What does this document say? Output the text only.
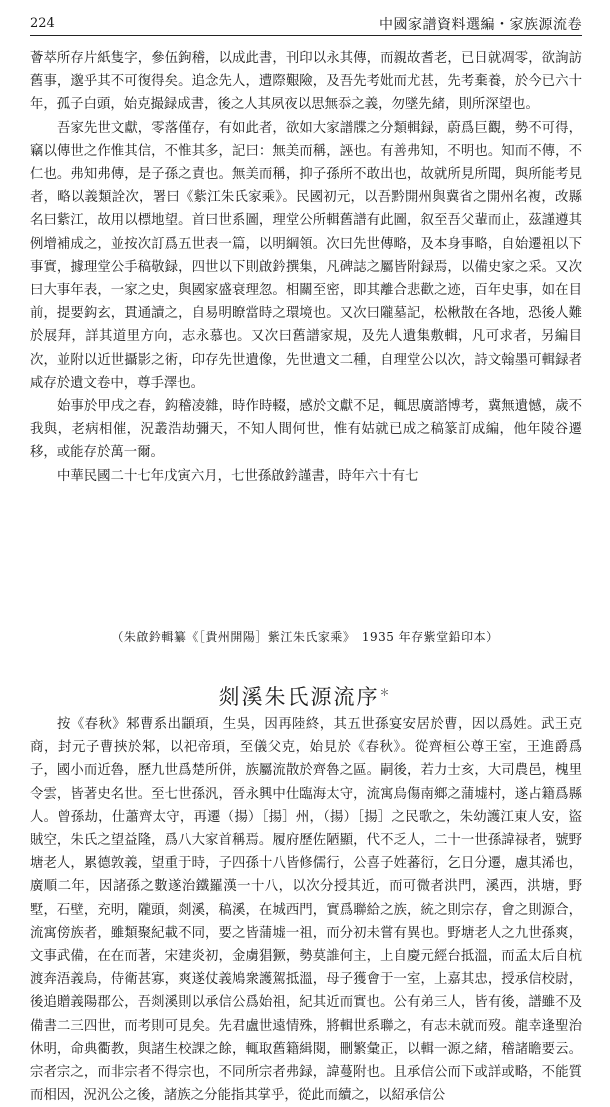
224	中國家譜資料選編・家族源流卷

薈萃所存片紙隻字，參伍鉤稽，以成此書，刊印以永其傳，而親故耆老，已日就凋零，欲詢訪舊事，邈乎其不可復得矣。追念先人，遭際艱險，及吾先考妣而尤甚，先考棄養，於今已六十年，孤子白頭，始克撮録成書，後之人其夙夜以思無忝之義，勿墜先緒，則所深望也。

吾家先世文獻，零落僅存，有如此者，欲如大家譜牒之分類輯録，蔚爲巨觀，勢不可得，竊以傳世之作惟其信，不惟其多，記曰：無美而稱，誣也。有善弗知，不明也。知而不傳，不仁也。弗知弗傳，是子孫之責也。無美而稱，抑子孫所不敢出也，故就所見所聞，與所能考見者，略以義類詮次，署曰《紫江朱氏家乘》。民國初元，以吾黔開州與冀省之開州名複，改縣名曰紫江，故用以標地望。首曰世系圖，理堂公所輯舊譜有此圖，叙至吾父輩而止，茲謹遵其例增補成之，並按次訂爲五世表一篇，以明綱領。次曰先世傳略，及本身事略，自始遷祖以下事實，據理堂公手稿敬録，四世以下則啟鈐撰集，凡碑誌之屬皆附録焉，以備史家之采。又次曰大事年表，一家之史，與國家盛衰理忽。相關至密，即其離合悲歡之迹，百年史事，如在目前，提要鈎玄，貫通讀之，自易明瞭當時之環境也。又次曰隴墓記，松楸散在各地，恐後人難於展拜，詳其道里方向，志永慕也。又次曰舊譜家規，及先人遺集敷輯，凡可求者，另編目次，並附以近世攝影之術，印存先世遺像，先世遺文二種，自理堂公以次，詩文翰墨可輯録者咸存於遺文卷中，尊手澤也。

始事於甲戌之春，鈎稽凌雜，時作時輟，感於文獻不足，輒思廣諮博考，冀無遺憾，歲不我與，老病相催，況叢浩劫彌天，不知人間何世，惟有姑就已成之稿篆訂成編，他年陵谷遷移，或能存於萬一爾。

中華民國二十七年戊寅六月，七世孫啟鈐謹書，時年六十有七

（朱啟鈐輯纂《［貴州開陽］紫江朱氏家乘》　1935 年存紫堂鉛印本）
剡溪朱氏源流序＊

按《春秋》邾曹系出顓頊，生吳，因再陸終，其五世孫宴安居於曹，因以爲姓。武王克商，封元子曹挾於邾，以祀帝頊，至儀父克，始見於《春秋》。從齊桓公尊王室，王進爵爲子，國小而近魯，歷九世爲楚所併，族屬流散於齊魯之區。嗣後，若力士亥，大司農邑，槐里令雲，皆著史名世。至七世孫汎，晉永興中仕臨海太守，流寓烏傷南鄉之蒲墟村，遂占籍爲縣人。曾孫劫，仕蕭齊太守，再遷（揚）［揚］州，（揚）［揚］之民歌之，朱幼護江東人安，盜賊空，朱氏之望益隆，爲八大家首稱焉。履府歷佐陋顯，代不乏人，二十一世孫諱禄者，號野塘老人，累德敦義，望重于時，子四孫十八皆修儒行，公喜子姓蕃衍，乞日分遷，慮其浠也，廣順二年，因諸孫之數遂治鐵羅漢一十八，以次分授其近，而可微者洪門，溪西，洪塘，野墅，石壁，充明，隴頭，剡溪，稿溪，在城西門，實爲聯給之族，統之則宗存，會之則源合，流寓傍族者，雖類聚紀載不同，要之皆蒲墟一祖，而分初未嘗有異也。野塘老人之九世孫爽，文事武備，在在而著，宋建炎初，金虜猖獗，勢莫誰何主，上自慶元經台抵溫，而孟太后自杭渡奔浯義烏，侍衛甚寡，爽遂仗義鳩衆護駕抵溫，母子獲會于一室，上嘉其忠，授承信校尉，後追贈義陽郡公，吾剡溪則以承信公爲始祖，紀其近而實也。公有弟三人，皆有後，譜雖不及備書二三四世，而考則可見矣。先君盧世遠情殊，將輯世系聯之，有志未就而歿。龍幸逢聖治休明，命典衢教，與諸生校課之餘，輒取舊籍緝閱，刪繁彙正，以輯一源之緒，稽諸瞻要云。宗者宗之，而非宗者不得宗也，不同所宗者弗録，諱蔓附也。且承信公而下或詳或略，不能質而相因，況汎公之後，諸族之分能指其掌乎，從此而續之，以紹承信公
